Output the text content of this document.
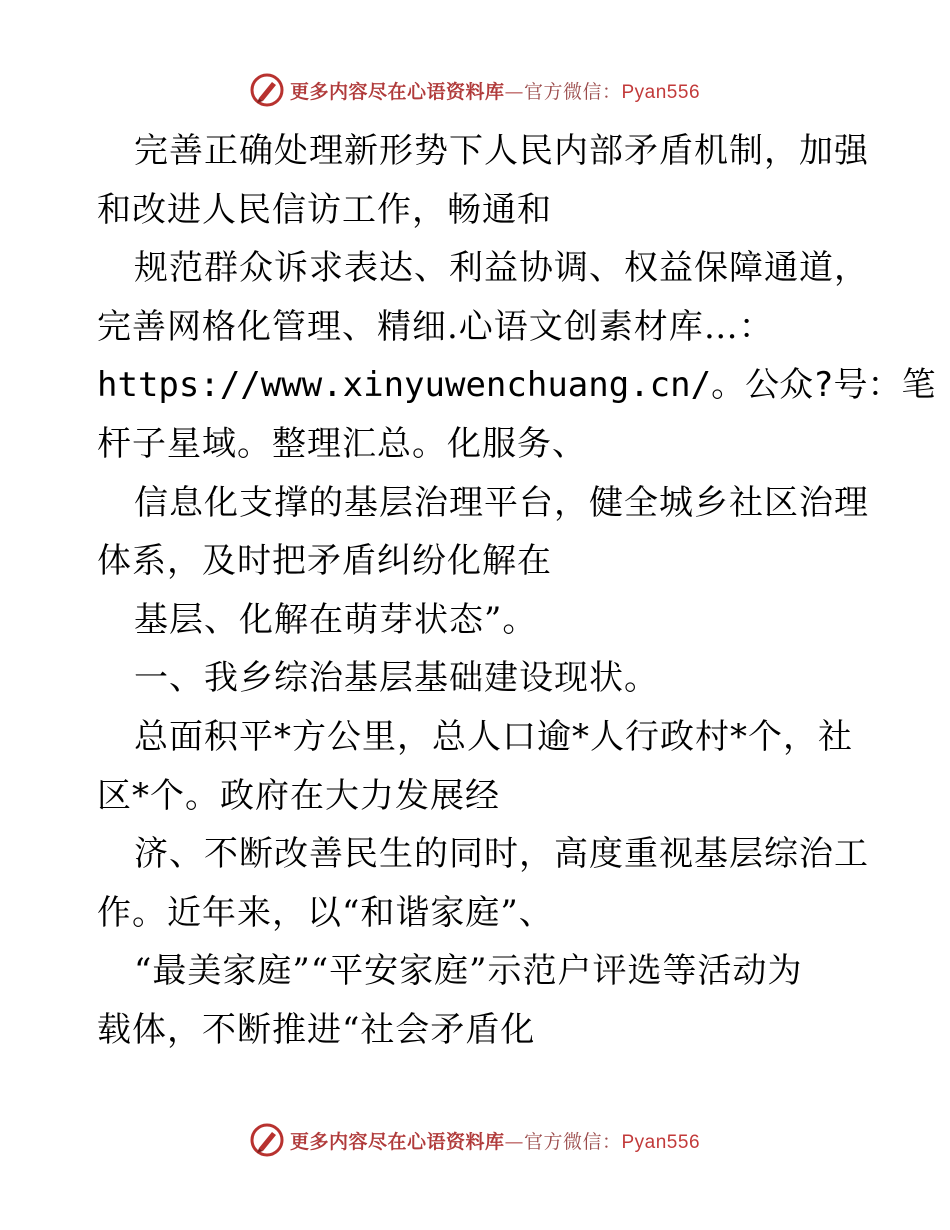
更多内容尽在心语资料库—官方微信：Pyan556
完善正确处理新形势下人民内部矛盾机制，加强
和改进人民信访工作，畅通和
规范群众诉求表达、利益协调、权益保障通道，
完善网格化管理、精细.心语文创素材库…：
https://www.xinyuwenchuang.cn/。公众?号：笔
杆子星域。整理汇总。化服务、
信息化支撑的基层治理平台，健全城乡社区治理
体系，及时把矛盾纠纷化解在
基层、化解在萌芽状态”。
一、我乡综治基层基础建设现状。
总面积平*方公里，总人口逾*人行政村*个，社
区*个。政府在大力发展经
济、不断改善民生的同时，高度重视基层综治工
作。近年来，以“和谐家庭”、
“最美家庭”“平安家庭”示范户评选等活动为
载体，不断推进“社会矛盾化
更多内容尽在心语资料库—官方微信：Pyan556
